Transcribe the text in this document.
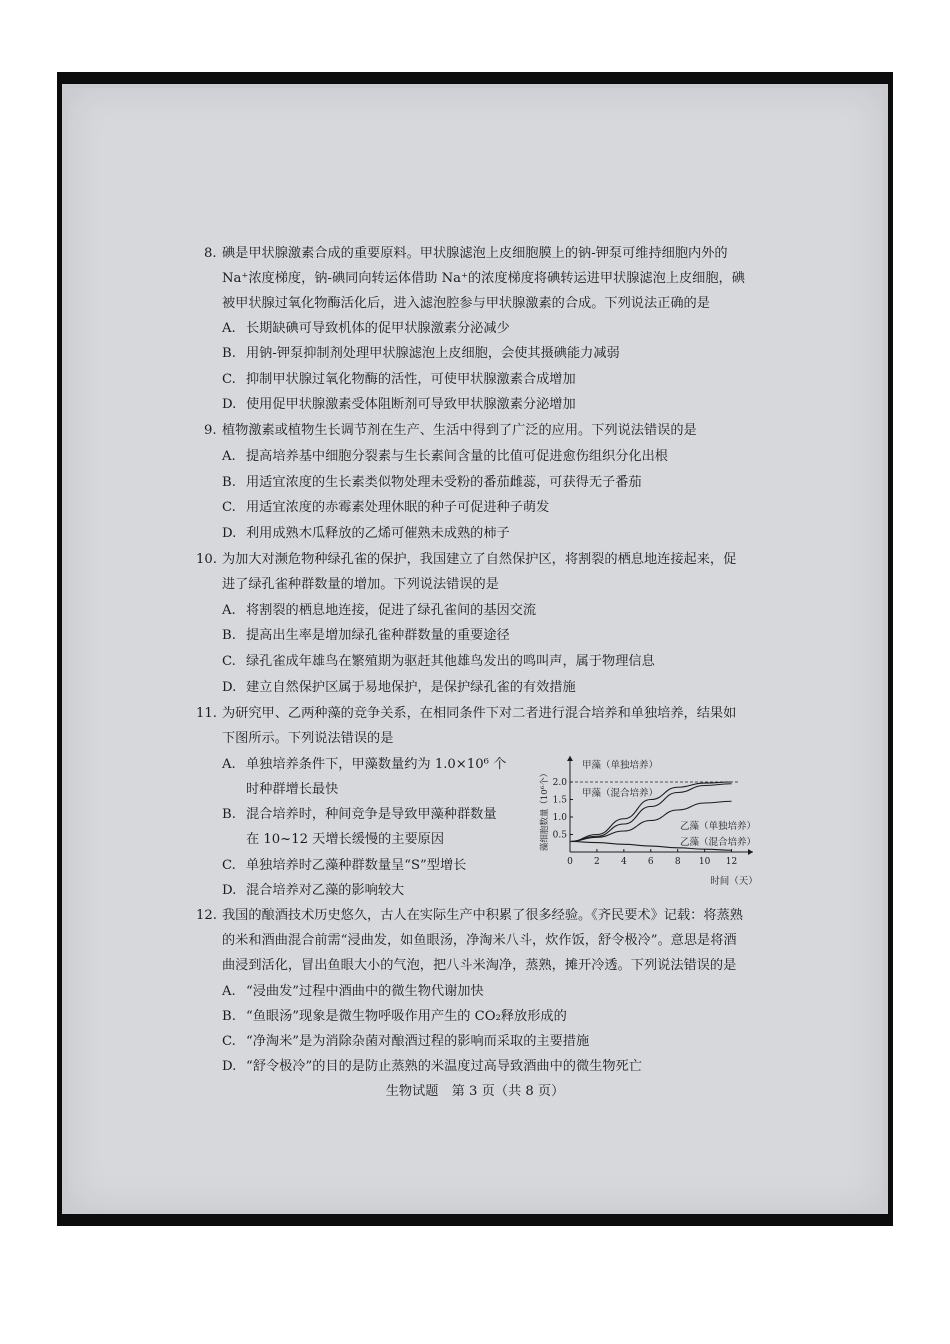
8. 碘是甲状腺激素合成的重要原料。甲状腺滤泡上皮细胞膜上的钠-钾泵可维持细胞内外的
Na⁺浓度梯度，钠-碘同向转运体借助 Na⁺的浓度梯度将碘转运进甲状腺滤泡上皮细胞，碘
被甲状腺过氧化物酶活化后，进入滤泡腔参与甲状腺激素的合成。下列说法正确的是
A. 长期缺碘可导致机体的促甲状腺激素分泌减少
B. 用钠-钾泵抑制剂处理甲状腺滤泡上皮细胞，会使其摄碘能力减弱
C. 抑制甲状腺过氧化物酶的活性，可使甲状腺激素合成增加
D. 使用促甲状腺激素受体阻断剂可导致甲状腺激素分泌增加
9. 植物激素或植物生长调节剂在生产、生活中得到了广泛的应用。下列说法错误的是
A. 提高培养基中细胞分裂素与生长素间含量的比值可促进愈伤组织分化出根
B. 用适宜浓度的生长素类似物处理未受粉的番茄雌蕊，可获得无子番茄
C. 用适宜浓度的赤霉素处理休眠的种子可促进种子萌发
D. 利用成熟木瓜释放的乙烯可催熟未成熟的柿子
10. 为加大对濒危物种绿孔雀的保护，我国建立了自然保护区，将割裂的栖息地连接起来，促
进了绿孔雀种群数量的增加。下列说法错误的是
A. 将割裂的栖息地连接，促进了绿孔雀间的基因交流
B. 提高出生率是增加绿孔雀种群数量的重要途径
C. 绿孔雀成年雄鸟在繁殖期为驱赶其他雄鸟发出的鸣叫声，属于物理信息
D. 建立自然保护区属于易地保护，是保护绿孔雀的有效措施
11. 为研究甲、乙两种藻的竞争关系，在相同条件下对二者进行混合培养和单独培养，结果如
下图所示。下列说法错误的是
A. 单独培养条件下，甲藻数量约为 1.0×10⁶ 个
时种群增长最快
B. 混合培养时，种间竞争是导致甲藻种群数量
在 10~12 天增长缓慢的主要原因
C. 单独培养时乙藻种群数量呈“S”型增长
D. 混合培养对乙藻的影响较大
0 2 4 6 8 10 12
0.5
1.0
1.5
2.0
甲藻（单独培养）
甲藻（混合培养）
乙藻（单独培养）
乙藻（混合培养）
时间（天）
藻细胞数量（10⁶个）
12. 我国的酿酒技术历史悠久，古人在实际生产中积累了很多经验。《齐民要术》记载：将蒸熟
的米和酒曲混合前需“浸曲发，如鱼眼汤，净淘米八斗，炊作饭，舒令极冷”。意思是将酒
曲浸到活化，冒出鱼眼大小的气泡，把八斗米淘净，蒸熟，摊开冷透。下列说法错误的是
A. “浸曲发”过程中酒曲中的微生物代谢加快
B. “鱼眼汤”现象是微生物呼吸作用产生的 CO₂释放形成的
C. “净淘米”是为消除杂菌对酿酒过程的影响而采取的主要措施
D. “舒令极冷”的目的是防止蒸熟的米温度过高导致酒曲中的微生物死亡
生物试题　第 3 页（共 8 页）
